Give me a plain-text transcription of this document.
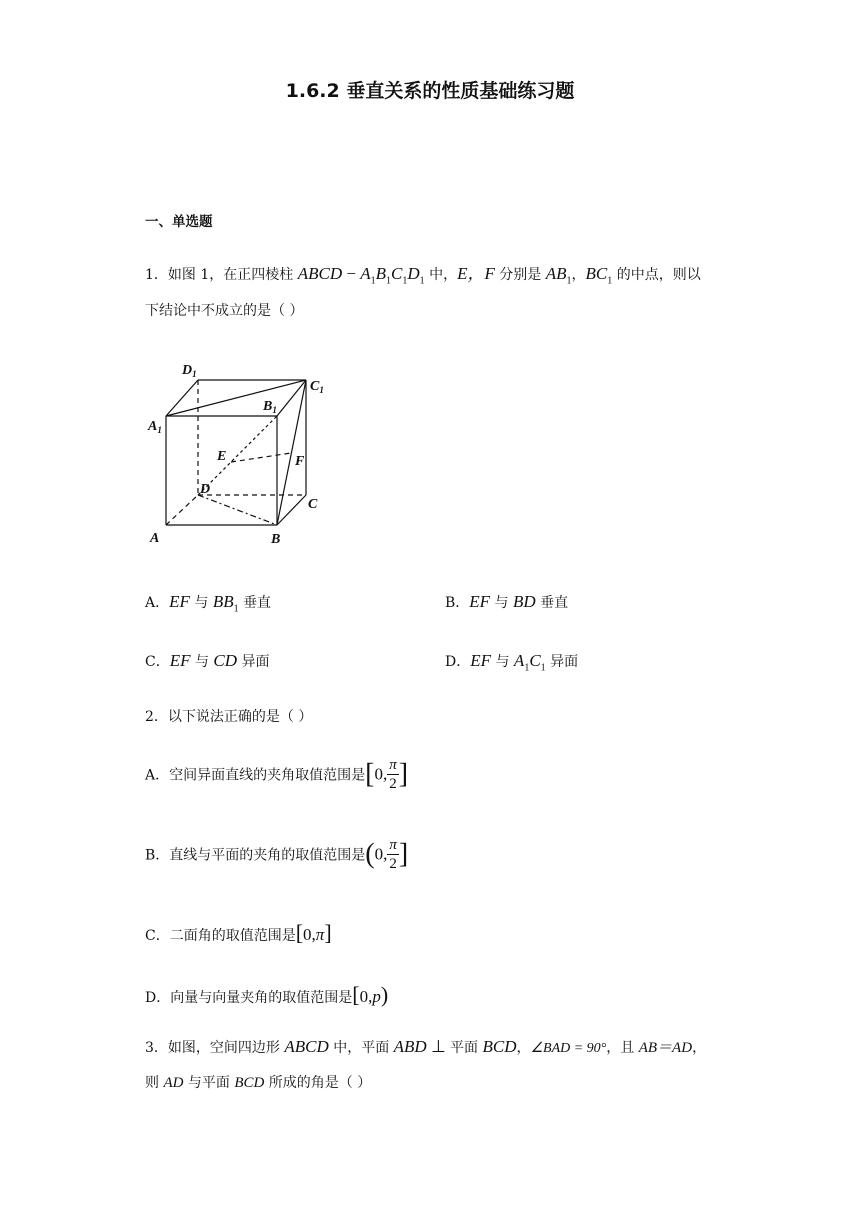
1.6.2 垂直关系的性质基础练习题
一、单选题
1．如图 1，在正四棱柱 ABCD − $A_1B_1C_1D_1$ 中，E，F 分别是 $AB_1$，$BC_1$ 的中点，则以
下结论中不成立的是（ ）
$D_1$
$C_1$
$B_1$
$A_1$
E	F
D
C
A	B
A．EF 与 $BB_1$ 垂直	B．EF 与 BD 垂直
C．EF 与 CD 异面	D．EF 与 $A_1C_1$ 异面
2．以下说法正确的是（ ）
A．空间异面直线的夹角取值范围是[0, $\frac{\pi}{2}$ ]
B．直线与平面的夹角的取值范围是(0, $\frac{\pi}{2}$ ]
C．二面角的取值范围是[0,π]
D．向量与向量夹角的取值范围是[0,p)
3．如图，空间四边形 ABCD 中，平面 ABD ⊥ 平面 BCD，∠BAD = 90°，且 AB＝AD，
则 AD 与平面 BCD 所成的角是（ ）
